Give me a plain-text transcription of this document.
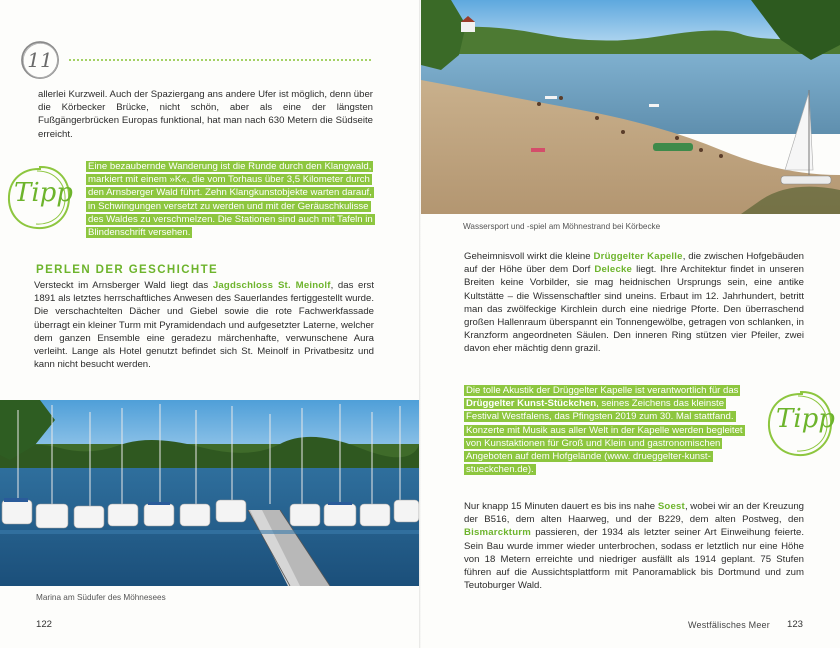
11

allerlei Kurzweil. Auch der Spaziergang ans andere Ufer ist möglich, denn über die Körbecker Brücke, nicht schön, aber als eine der längsten Fußgängerbrücken Europas funktional, hat man nach 630 Metern die Südseite erreicht.

Tipp
Eine bezaubernde Wanderung ist die Runde durch den Klangwald, markiert mit einem »K«, die vom Torhaus über 3,5 Kilometer durch den Arnsberger Wald führt. Zehn Klangkunstobjekte warten darauf, in Schwingungen versetzt zu werden und mit der Geräuschkulisse des Waldes zu verschmelzen. Die Stationen sind auch mit Tafeln in Blindenschrift versehen.
PERLEN DER GESCHICHTE

Versteckt im Arnsberger Wald liegt das Jagdschloss St. Meinolf, das erst 1891 als letztes herrschaftliches Anwesen des Sauerlandes fertiggestellt wurde. Die verschachtelten Dächer und Giebel sowie die rote Fachwerkfassade überragt ein kleiner Turm mit Pyramidendach und aufgesetzter Laterne, welcher dem ganzen Ensemble eine geradezu märchenhafte, verwunschene Aura verleiht. Lange als Hotel genutzt befindet sich St. Meinolf in Privatbesitz und kann nicht besucht werden.

Marina am Südufer des Möhnesees
122
Wassersport und -spiel am Möhnestrand bei Körbecke

Geheimnisvoll wirkt die kleine Drüggelter Kapelle, die zwischen Hofgebäuden auf der Höhe über dem Dorf Delecke liegt. Ihre Architektur findet in unseren Breiten keine Vorbilder, sie mag heidnischen Ursprungs sein, eine antike Kultstätte – die Wissenschaftler sind uneins. Erbaut im 12. Jahrhundert, betritt man das zwölfeckige Kirchlein durch eine niedrige Pforte. Den überraschend großen Hallenraum überspannt ein Tonnengewölbe, getragen von schlanken, in Kranzform angeordneten Säulen. Den inneren Ring stützen vier Pfeiler, zwei davon eher mächtig denn grazil.

Die tolle Akustik der Drüggelter Kapelle ist verantwortlich für das Drüggelter Kunst-Stückchen, seines Zeichens das kleinste Festival Westfalens, das Pfingsten 2019 zum 30. Mal stattfand. Konzerte mit Musik aus aller Welt in der Kapelle werden begleitet von Kunstaktionen für Groß und Klein und gastronomischen Angeboten auf dem Hofgelände (www. drueggelter-kunst-stueckchen.de).
Tipp

Nur knapp 15 Minuten dauert es bis ins nahe Soest, wobei wir an der Kreuzung der B516, dem alten Haarweg, und der B229, dem alten Postweg, den Bismarckturm passieren, der 1934 als letzter seiner Art Einweihung feierte. Sein Bau wurde immer wieder unterbrochen, sodass er letztlich nur eine Höhe von 18 Metern erreichte und niedriger ausfällt als 1914 geplant. 75 Stufen führen auf die Aussichtsplattform mit Panoramablick bis Dortmund und zum Teutoburger Wald.

Westfälisches Meer 123
